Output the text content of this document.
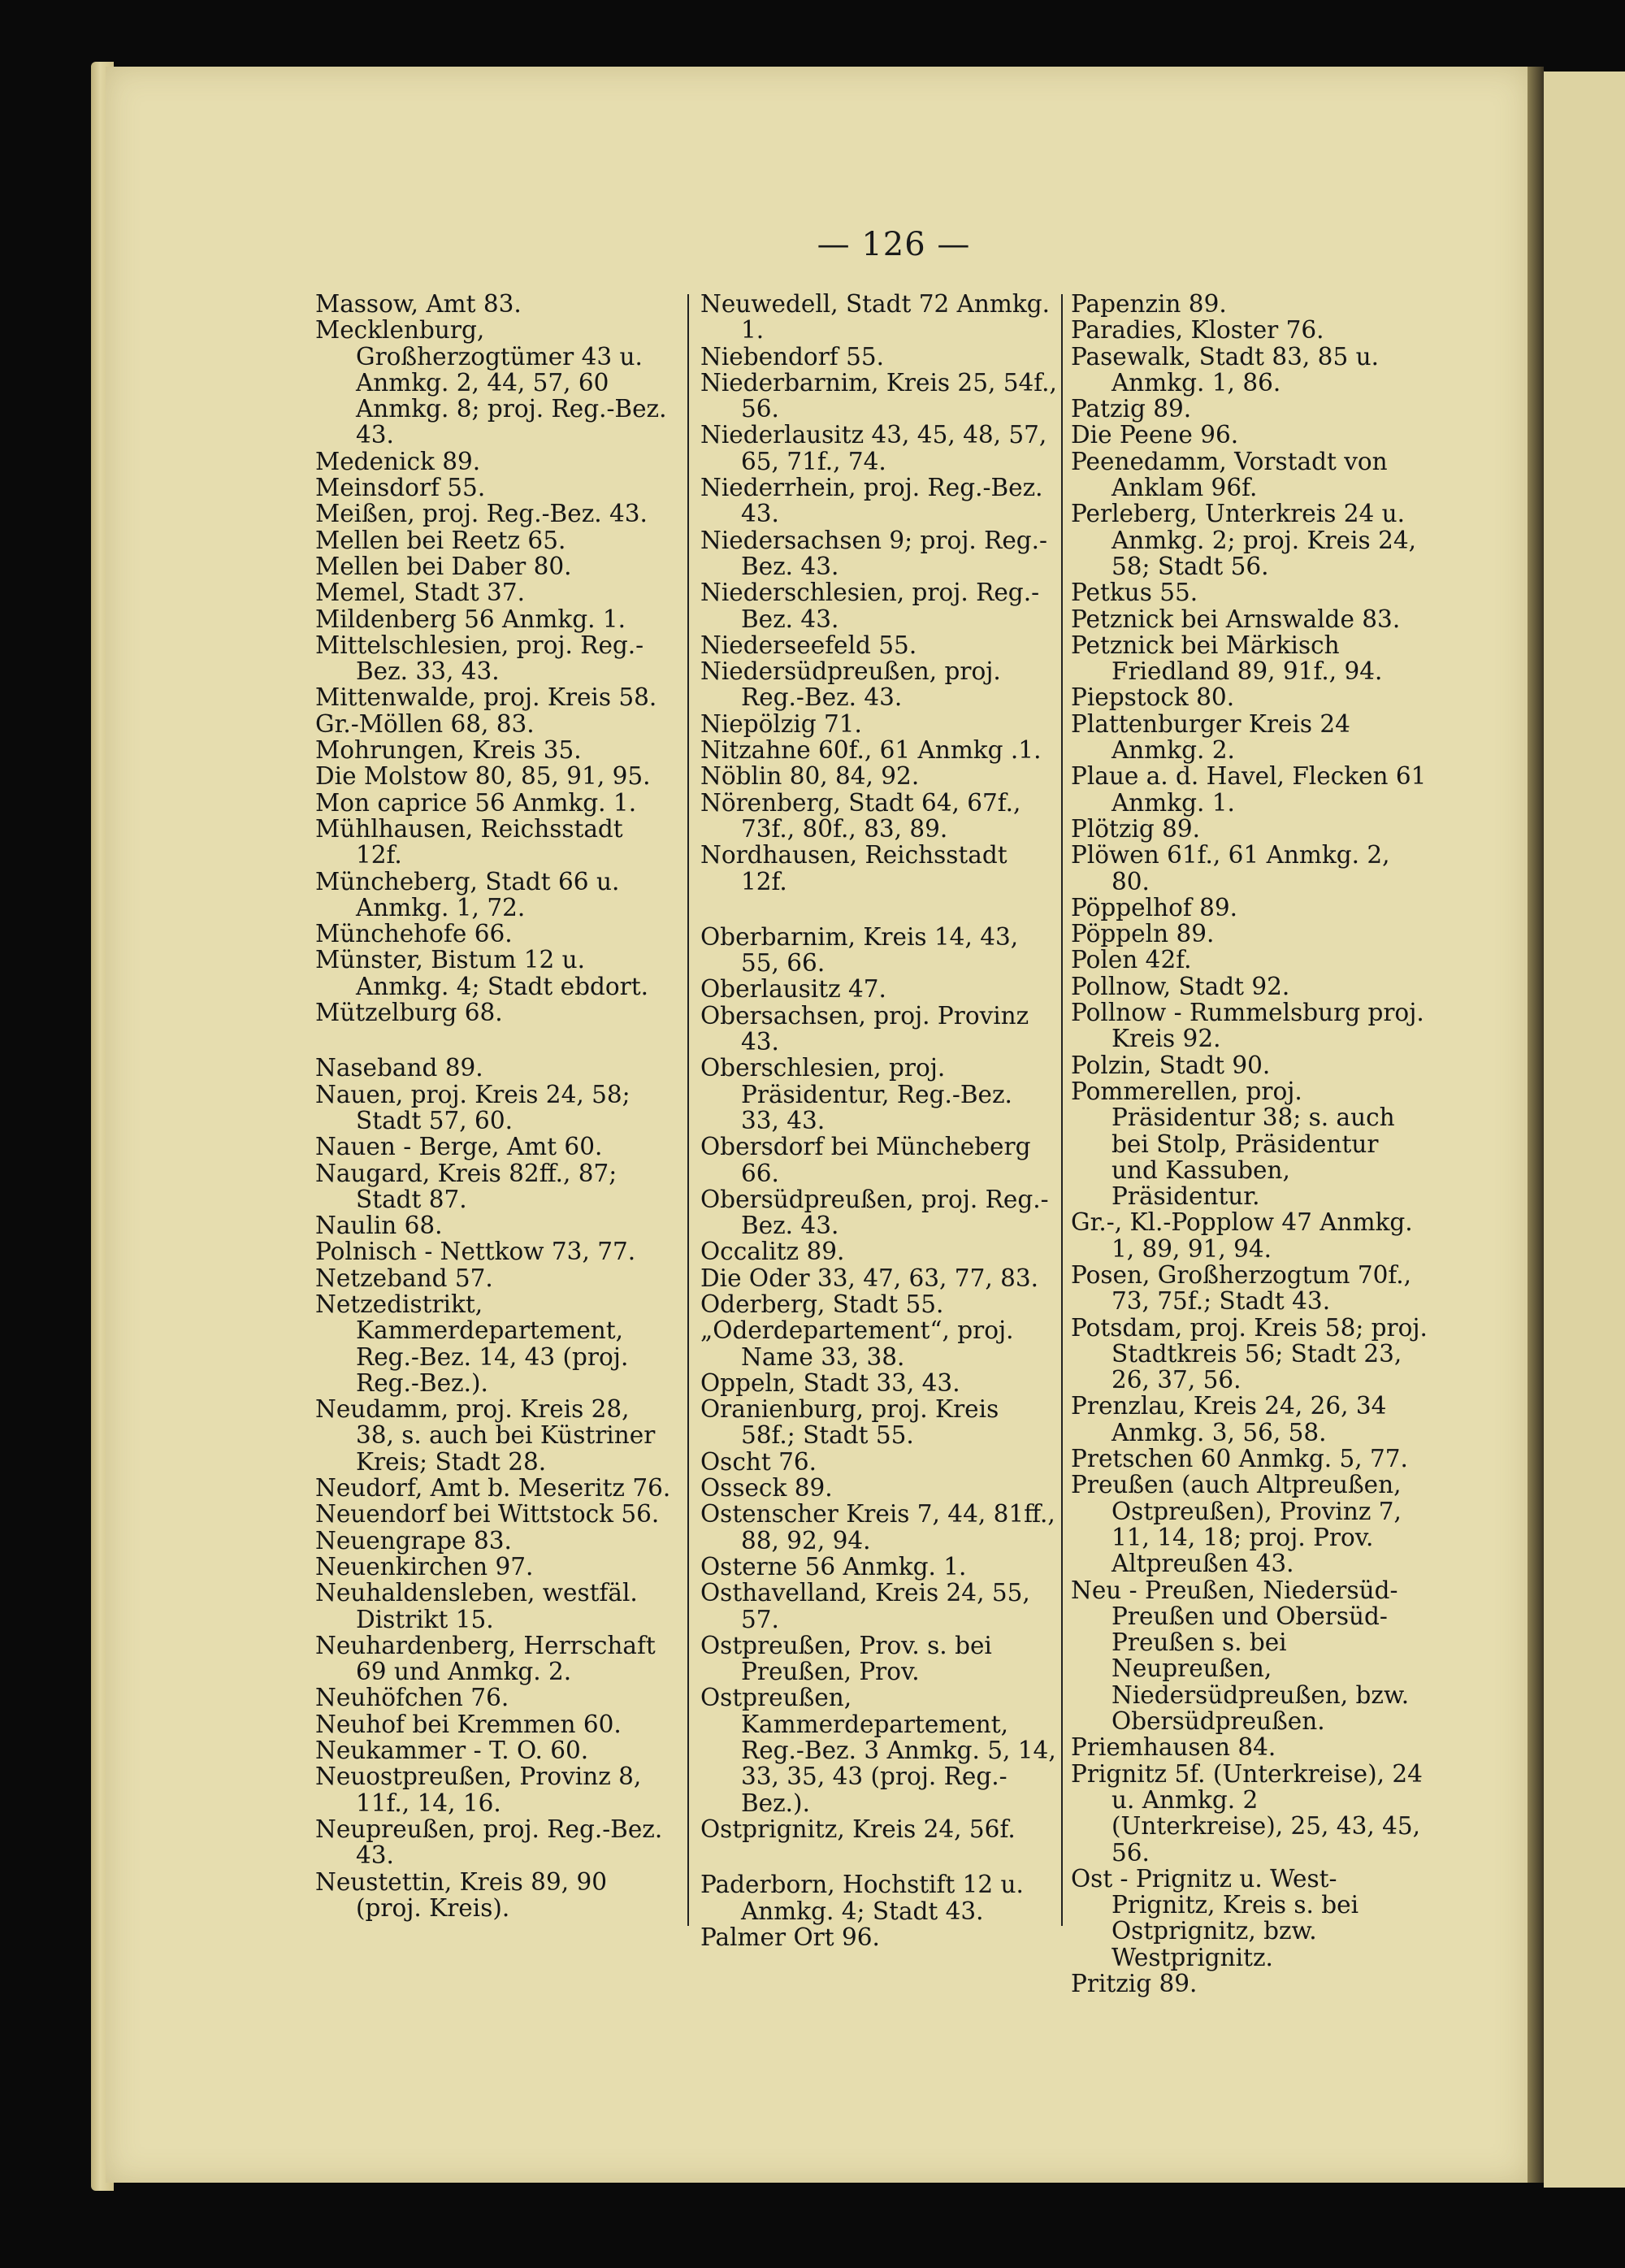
— 126 —

Massow, Amt 83.

Mecklenburg, Großherzogtümer 43 u. Anmkg. 2, 44, 57, 60 Anmkg. 8; proj. Reg.-Bez. 43.

Medenick 89.

Meinsdorf 55.

Meißen, proj. Reg.-Bez. 43.

Mellen bei Reetz 65.

Mellen bei Daber 80.

Memel, Stadt 37.

Mildenberg 56 Anmkg. 1.

Mittelschlesien, proj. Reg.-Bez. 33, 43.

Mittenwalde, proj. Kreis 58.

Gr.-Möllen 68, 83.

Mohrungen, Kreis 35.

Die Molstow 80, 85, 91, 95.

Mon caprice 56 Anmkg. 1.

Mühlhausen, Reichsstadt 12f.

Müncheberg, Stadt 66 u. Anmkg. 1, 72.

Münchehofe 66.

Münster, Bistum 12 u. Anmkg. 4; Stadt ebdort.

Mützelburg 68.

Naseband 89.

Nauen, proj. Kreis 24, 58; Stadt 57, 60.

Nauen - Berge, Amt 60.

Naugard, Kreis 82ff., 87; Stadt 87.

Naulin 68.

Polnisch - Nettkow 73, 77.

Netzeband 57.

Netzedistrikt, Kammerdepartement, Reg.-Bez. 14, 43 (proj. Reg.-Bez.).

Neudamm, proj. Kreis 28, 38, s. auch bei Küstriner Kreis; Stadt 28.

Neudorf, Amt b. Meseritz 76.

Neuendorf bei Wittstock 56.

Neuengrape 83.

Neuenkirchen 97.

Neuhaldensleben, westfäl. Distrikt 15.

Neuhardenberg, Herrschaft 69 und Anmkg. 2.

Neuhöfchen 76.

Neuhof bei Kremmen 60.

Neukammer - T. O. 60.

Neuostpreußen, Provinz 8, 11f., 14, 16.

Neupreußen, proj. Reg.-Bez. 43.

Neustettin, Kreis 89, 90 (proj. Kreis).

Neuwedell, Stadt 72 Anmkg. 1.

Niebendorf 55.

Niederbarnim, Kreis 25, 54f., 56.

Niederlausitz 43, 45, 48, 57, 65, 71f., 74.

Niederrhein, proj. Reg.-Bez. 43.

Niedersachsen 9; proj. Reg.-Bez. 43.

Niederschlesien, proj. Reg.-Bez. 43.

Niederseefeld 55.

Niedersüdpreußen, proj. Reg.-Bez. 43.

Niepölzig 71.

Nitzahne 60f., 61 Anmkg .1.

Nöblin 80, 84, 92.

Nörenberg, Stadt 64, 67f., 73f., 80f., 83, 89.

Nordhausen, Reichsstadt 12f.

Oberbarnim, Kreis 14, 43, 55, 66.

Oberlausitz 47.

Obersachsen, proj. Provinz 43.

Oberschlesien, proj. Präsidentur, Reg.-Bez. 33, 43.

Obersdorf bei Müncheberg 66.

Obersüdpreußen, proj. Reg.-Bez. 43.

Occalitz 89.

Die Oder 33, 47, 63, 77, 83.

Oderberg, Stadt 55.

„Oderdepartement“, proj. Name 33, 38.

Oppeln, Stadt 33, 43.

Oranienburg, proj. Kreis 58f.; Stadt 55.

Oscht 76.

Osseck 89.

Ostenscher Kreis 7, 44, 81ff., 88, 92, 94.

Osterne 56 Anmkg. 1.

Osthavelland, Kreis 24, 55, 57.

Ostpreußen, Prov. s. bei Preußen, Prov.

Ostpreußen, Kammerdepartement, Reg.-Bez. 3 Anmkg. 5, 14, 33, 35, 43 (proj. Reg.-Bez.).

Ostprignitz, Kreis 24, 56f.

Paderborn, Hochstift 12 u. Anmkg. 4; Stadt 43.

Palmer Ort 96.

Papenzin 89.

Paradies, Kloster 76.

Pasewalk, Stadt 83, 85 u. Anmkg. 1, 86.

Patzig 89.

Die Peene 96.

Peenedamm, Vorstadt von Anklam 96f.

Perleberg, Unterkreis 24 u. Anmkg. 2; proj. Kreis 24, 58; Stadt 56.

Petkus 55.

Petznick bei Arnswalde 83.

Petznick bei Märkisch Friedland 89, 91f., 94.

Piepstock 80.

Plattenburger Kreis 24 Anmkg. 2.

Plaue a. d. Havel, Flecken 61 Anmkg. 1.

Plötzig 89.

Plöwen 61f., 61 Anmkg. 2, 80.

Pöppelhof 89.

Pöppeln 89.

Polen 42f.

Pollnow, Stadt 92.

Pollnow - Rummelsburg proj. Kreis 92.

Polzin, Stadt 90.

Pommerellen, proj. Präsidentur 38; s. auch bei Stolp, Präsidentur und Kassuben, Präsidentur.

Gr.-, Kl.-Popplow 47 Anmkg. 1, 89, 91, 94.

Posen, Großherzogtum 70f., 73, 75f.; Stadt 43.

Potsdam, proj. Kreis 58; proj. Stadtkreis 56; Stadt 23, 26, 37, 56.

Prenzlau, Kreis 24, 26, 34 Anmkg. 3, 56, 58.

Pretschen 60 Anmkg. 5, 77.

Preußen (auch Altpreußen, Ostpreußen), Provinz 7, 11, 14, 18; proj. Prov. Altpreußen 43.

Neu - Preußen, Niedersüd-Preußen und Obersüd-Preußen s. bei Neupreußen, Niedersüdpreußen, bzw. Obersüdpreußen.

Priemhausen 84.

Prignitz 5f. (Unterkreise), 24 u. Anmkg. 2 (Unterkreise), 25, 43, 45, 56.

Ost - Prignitz u. West-Prignitz, Kreis s. bei Ostprignitz, bzw. Westprignitz.

Pritzig 89.
